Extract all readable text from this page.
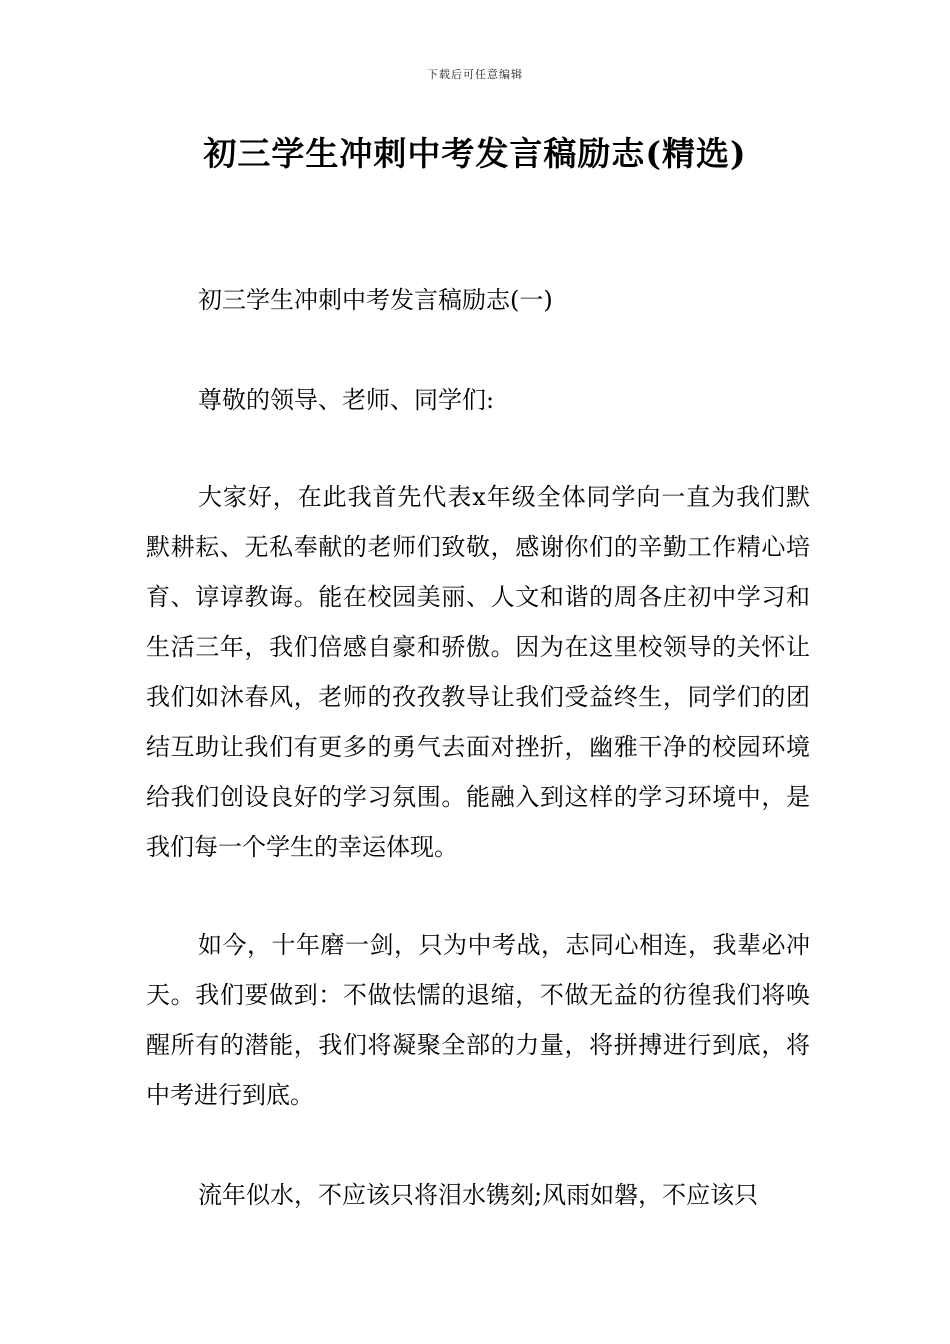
下载后可任意编辑
初三学生冲刺中考发言稿励志(精选)

初三学生冲刺中考发言稿励志(一)

尊敬的领导、老师、同学们:

大家好，在此我首先代表x年级全体同学向一直为我们默默耕耘、无私奉献的老师们致敬，感谢你们的辛勤工作精心培育、谆谆教诲。能在校园美丽、人文和谐的周各庄初中学习和生活三年，我们倍感自豪和骄傲。因为在这里校领导的关怀让我们如沐春风，老师的孜孜教导让我们受益终生，同学们的团结互助让我们有更多的勇气去面对挫折，幽雅干净的校园环境给我们创设良好的学习氛围。能融入到这样的学习环境中，是我们每一个学生的幸运体现。

如今，十年磨一剑，只为中考战，志同心相连，我辈必冲天。我们要做到：不做怯懦的退缩，不做无益的彷徨我们将唤醒所有的潜能，我们将凝聚全部的力量，将拼搏进行到底，将中考进行到底。

流年似水，不应该只将泪水镌刻;风雨如磐，不应该只
